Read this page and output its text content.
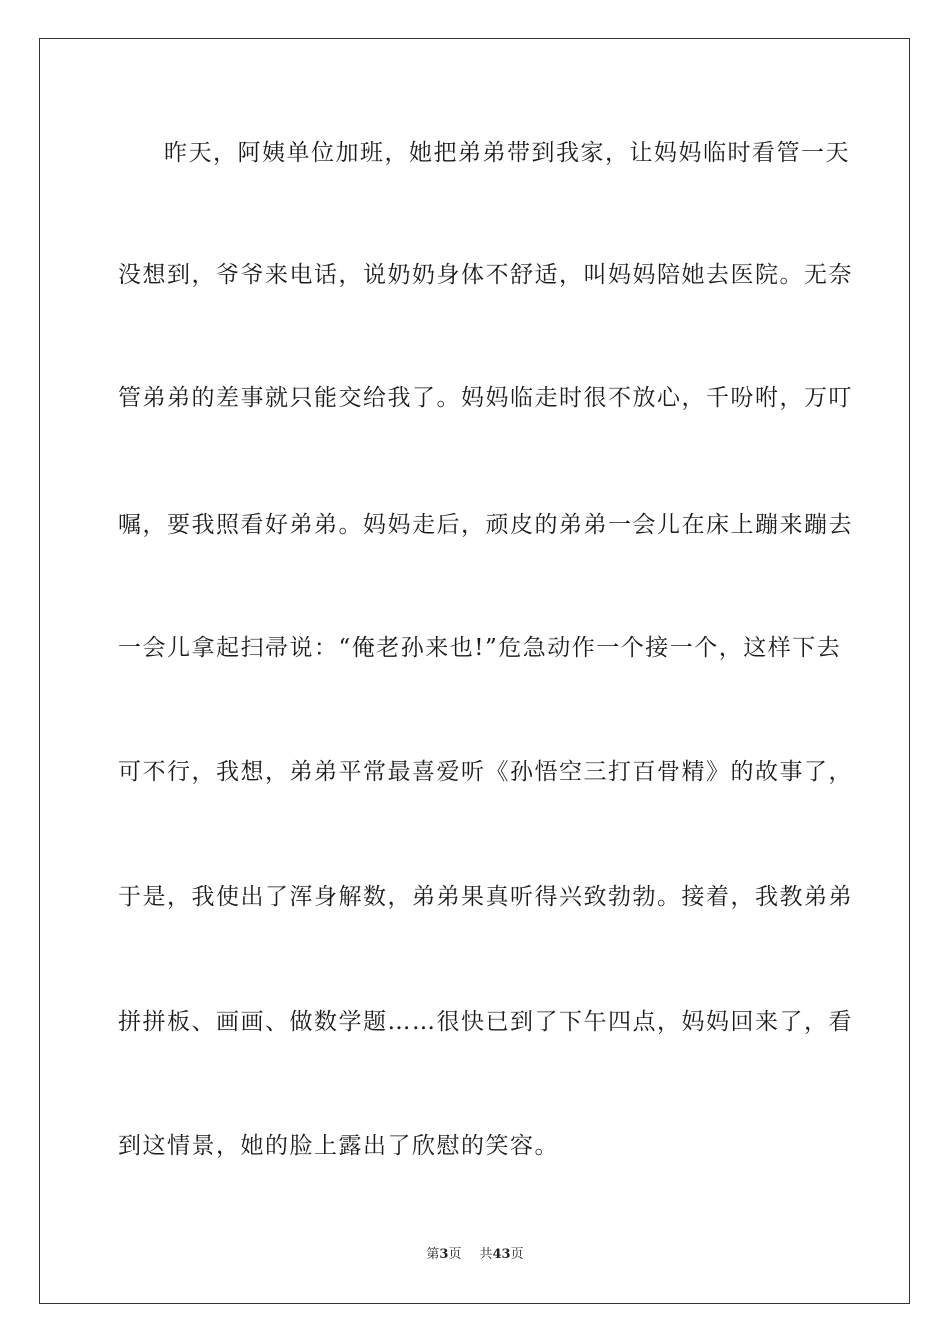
昨天，阿姨单位加班，她把弟弟带到我家，让妈妈临时看管一天
没想到，爷爷来电话，说奶奶身体不舒适，叫妈妈陪她去医院。无奈
管弟弟的差事就只能交给我了。妈妈临走时很不放心，千吩咐，万叮
嘱，要我照看好弟弟。妈妈走后，顽皮的弟弟一会儿在床上蹦来蹦去
一会儿拿起扫帚说：“俺老孙来也!”危急动作一个接一个，这样下去
可不行，我想，弟弟平常最喜爱听《孙悟空三打百骨精》的故事了，
于是，我使出了浑身解数，弟弟果真听得兴致勃勃。接着，我教弟弟
拼拼板、画画、做数学题……很快已到了下午四点，妈妈回来了，看
到这情景，她的脸上露出了欣慰的笑容。
第3页 共43页
